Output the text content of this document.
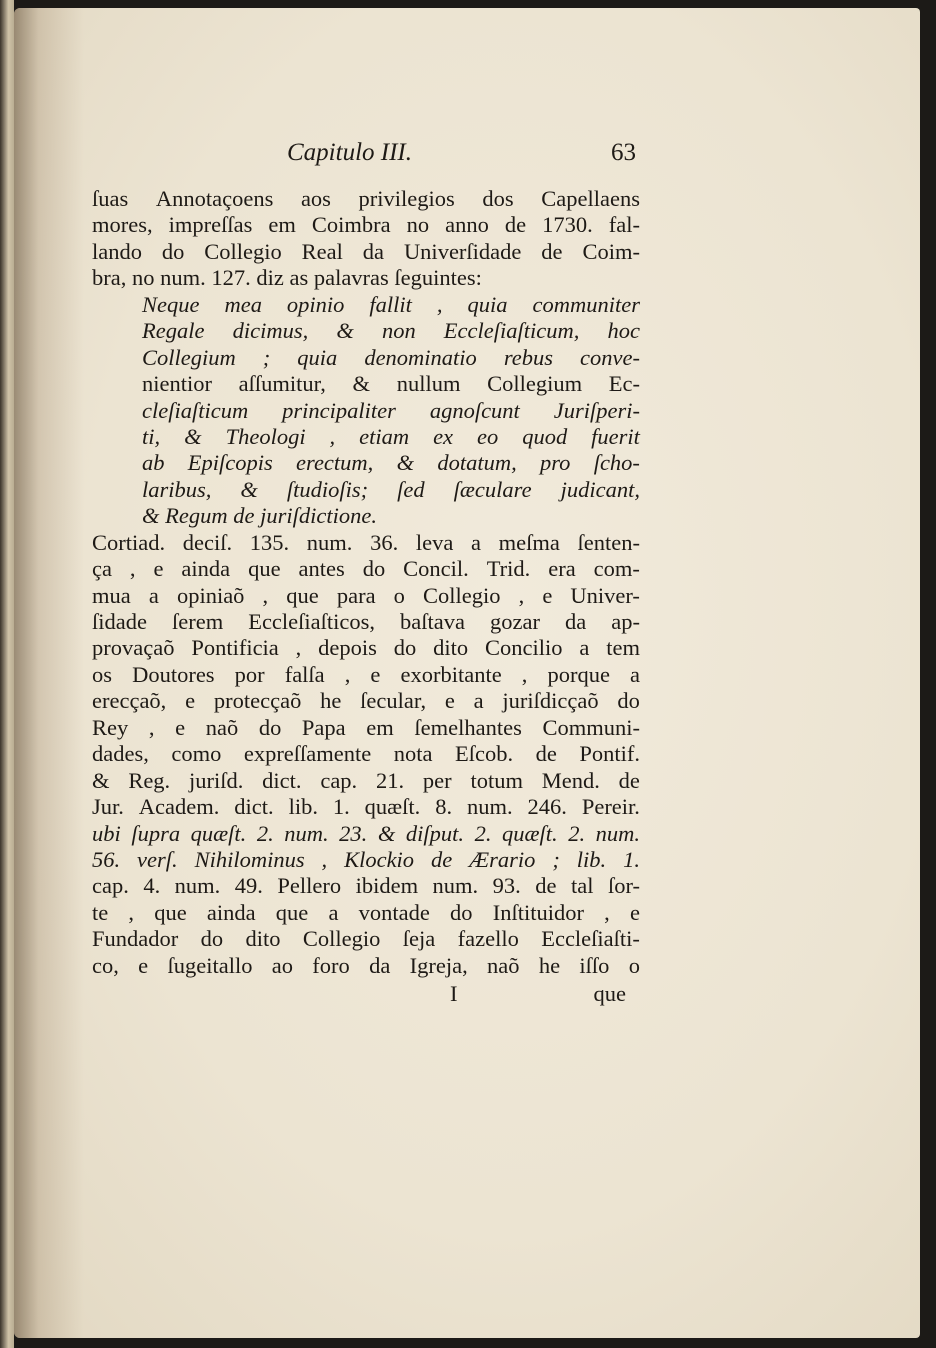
Capitulo III.	63
ſuas Annotaçoens aos privilegios dos Capellaens
mores, impreſſas em Coimbra no anno de 1730. fal-
lando do Collegio Real da Univerſidade de Coim-
bra, no num. 127. diz as palavras ſeguintes:
Neque mea opinio fallit , quia communiter
Regale dicimus, & non Eccleſiaſticum, hoc
Collegium ; quia denominatio rebus conve-
nientior aſſumitur, & nullum Collegium Ec-
cleſiaſticum principaliter agnoſcunt Juriſperi-
ti, & Theologi , etiam ex eo quod fuerit
ab Epiſcopis erectum, & dotatum, pro ſcho-
laribus, & ſtudioſis; ſed ſæculare judicant,
& Regum de juriſdictione.
Cortiad. deciſ. 135. num. 36. leva a meſma ſenten-
ça , e ainda que antes do Concil. Trid. era com-
mua a opiniaõ , que para o Collegio , e Univer-
ſidade ſerem Eccleſiaſticos, baſtava gozar da ap-
provaçaõ Pontificia , depois do dito Concilio a tem
os Doutores por falſa , e exorbitante , porque a
erecçaõ, e protecçaõ he ſecular, e a juriſdicçaõ do
Rey , e naõ do Papa em ſemelhantes Communi-
dades, como expreſſamente nota Eſcob. de Pontif.
& Reg. juriſd. dict. cap. 21. per totum Mend. de
Jur. Academ. dict. lib. 1. quæſt. 8. num. 246. Pereir.
ubi ſupra quæſt. 2. num. 23. & diſput. 2. quæſt. 2. num.
56. verſ. Nihilominus , Klockio de Ærario ; lib. 1.
cap. 4. num. 49. Pellero ibidem num. 93. de tal ſor-
te , que ainda que a vontade do Inſtituidor , e
Fundador do dito Collegio ſeja fazello Eccleſiaſti-
co, e ſugeitallo ao foro da Igreja, naõ he iſſo o
I	que
